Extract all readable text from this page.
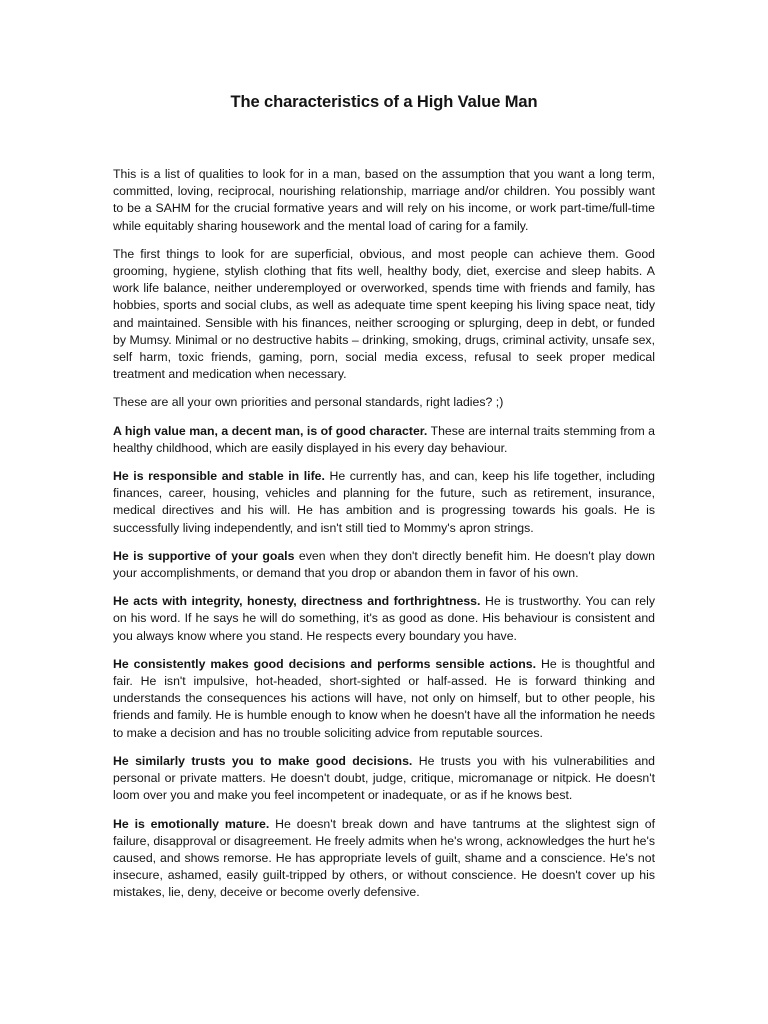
The characteristics of a High Value Man

This is a list of qualities to look for in a man, based on the assumption that you want a long term, committed, loving, reciprocal, nourishing relationship, marriage and/or children. You possibly want to be a SAHM for the crucial formative years and will rely on his income, or work part-time/full-time while equitably sharing housework and the mental load of caring for a family.

The first things to look for are superficial, obvious, and most people can achieve them. Good grooming, hygiene, stylish clothing that fits well, healthy body, diet, exercise and sleep habits. A work life balance, neither underemployed or overworked, spends time with friends and family, has hobbies, sports and social clubs, as well as adequate time spent keeping his living space neat, tidy and maintained. Sensible with his finances, neither scrooging or splurging, deep in debt, or funded by Mumsy. Minimal or no destructive habits – drinking, smoking, drugs, criminal activity, unsafe sex, self harm, toxic friends, gaming, porn, social media excess, refusal to seek proper medical treatment and medication when necessary.

These are all your own priorities and personal standards, right ladies? ;)

A high value man, a decent man, is of good character. These are internal traits stemming from a healthy childhood, which are easily displayed in his every day behaviour.

He is responsible and stable in life. He currently has, and can, keep his life together, including finances, career, housing, vehicles and planning for the future, such as retirement, insurance, medical directives and his will. He has ambition and is progressing towards his goals. He is successfully living independently, and isn't still tied to Mommy's apron strings.

He is supportive of your goals even when they don't directly benefit him. He doesn't play down your accomplishments, or demand that you drop or abandon them in favor of his own.

He acts with integrity, honesty, directness and forthrightness. He is trustworthy. You can rely on his word. If he says he will do something, it's as good as done. His behaviour is consistent and you always know where you stand. He respects every boundary you have.

He consistently makes good decisions and performs sensible actions. He is thoughtful and fair. He isn't impulsive, hot-headed, short-sighted or half-assed. He is forward thinking and understands the consequences his actions will have, not only on himself, but to other people, his friends and family. He is humble enough to know when he doesn't have all the information he needs to make a decision and has no trouble soliciting advice from reputable sources.

He similarly trusts you to make good decisions. He trusts you with his vulnerabilities and personal or private matters. He doesn't doubt, judge, critique, micromanage or nitpick. He doesn't loom over you and make you feel incompetent or inadequate, or as if he knows best.

He is emotionally mature. He doesn't break down and have tantrums at the slightest sign of failure, disapproval or disagreement. He freely admits when he's wrong, acknowledges the hurt he's caused, and shows remorse. He has appropriate levels of guilt, shame and a conscience. He's not insecure, ashamed, easily guilt-tripped by others, or without conscience. He doesn't cover up his mistakes, lie, deny, deceive or become overly defensive.
